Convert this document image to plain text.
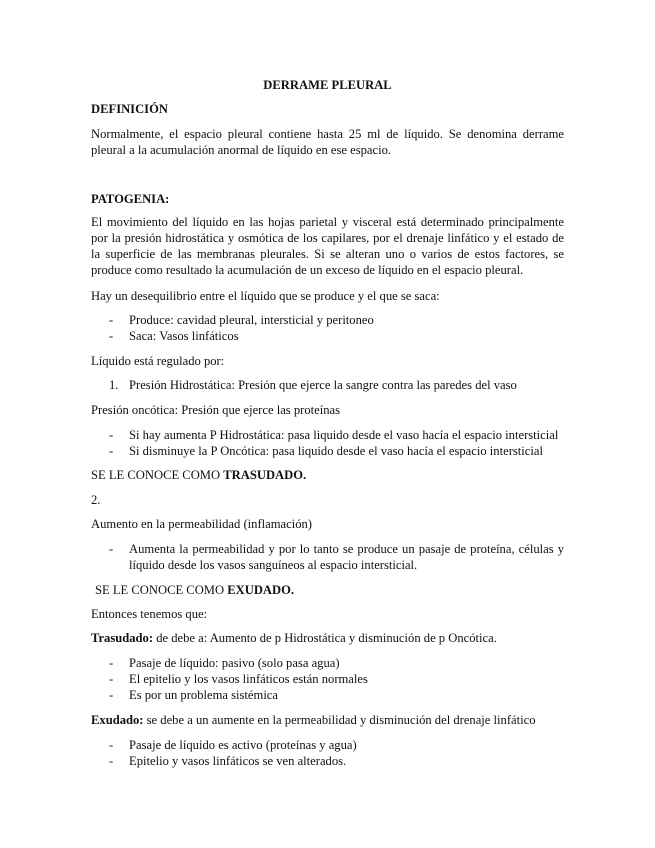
DERRAME PLEURAL

DEFINICIÓN

Normalmente, el espacio pleural contiene hasta 25 ml de líquido. Se denomina derrame pleural a la acumulación anormal de líquido en ese espacio.

PATOGENIA:

El movimiento del líquido en las hojas parietal y visceral está determinado principalmente por la presión hidrostática y osmótica de los capilares, por el drenaje linfático y el estado de la superficie de las membranas pleurales. Si se alteran uno o varios de estos factores, se produce como resultado la acumulación de un exceso de líquido en el espacio pleural.

Hay un desequilibrio entre el líquido que se produce y el que se saca:

-	Produce: cavidad pleural, intersticial y peritoneo
-	Saca: Vasos linfáticos

Líquido está regulado por:

1. Presión Hidrostática: Presión que ejerce la sangre contra las paredes del vaso

Presión oncótica: Presión que ejerce las proteínas

-	Si hay aumenta P Hidrostática: pasa liquido desde el vaso hacía el espacio intersticial
-	Si disminuye la P Oncótica: pasa liquido desde el vaso hacía el espacio intersticial

SE LE CONOCE COMO TRASUDADO.

2.

Aumento en la permeabilidad (inflamación)

-	Aumenta la permeabilidad y por lo tanto se produce un pasaje de proteína, células y líquido desde los vasos sanguíneos al espacio intersticial.

SE LE CONOCE COMO EXUDADO.

Entonces tenemos que:

Trasudado: de debe a: Aumento de p Hidrostática y disminución de p Oncótica.

-	Pasaje de líquido: pasivo (solo pasa agua)
-	El epitelio y los vasos linfáticos están normales
-	Es por un problema sistémica

Exudado: se debe a un aumente en la permeabilidad y disminución del drenaje linfático

-	Pasaje de líquido es activo (proteínas y agua)
-	Epitelio y vasos linfáticos se ven alterados.
